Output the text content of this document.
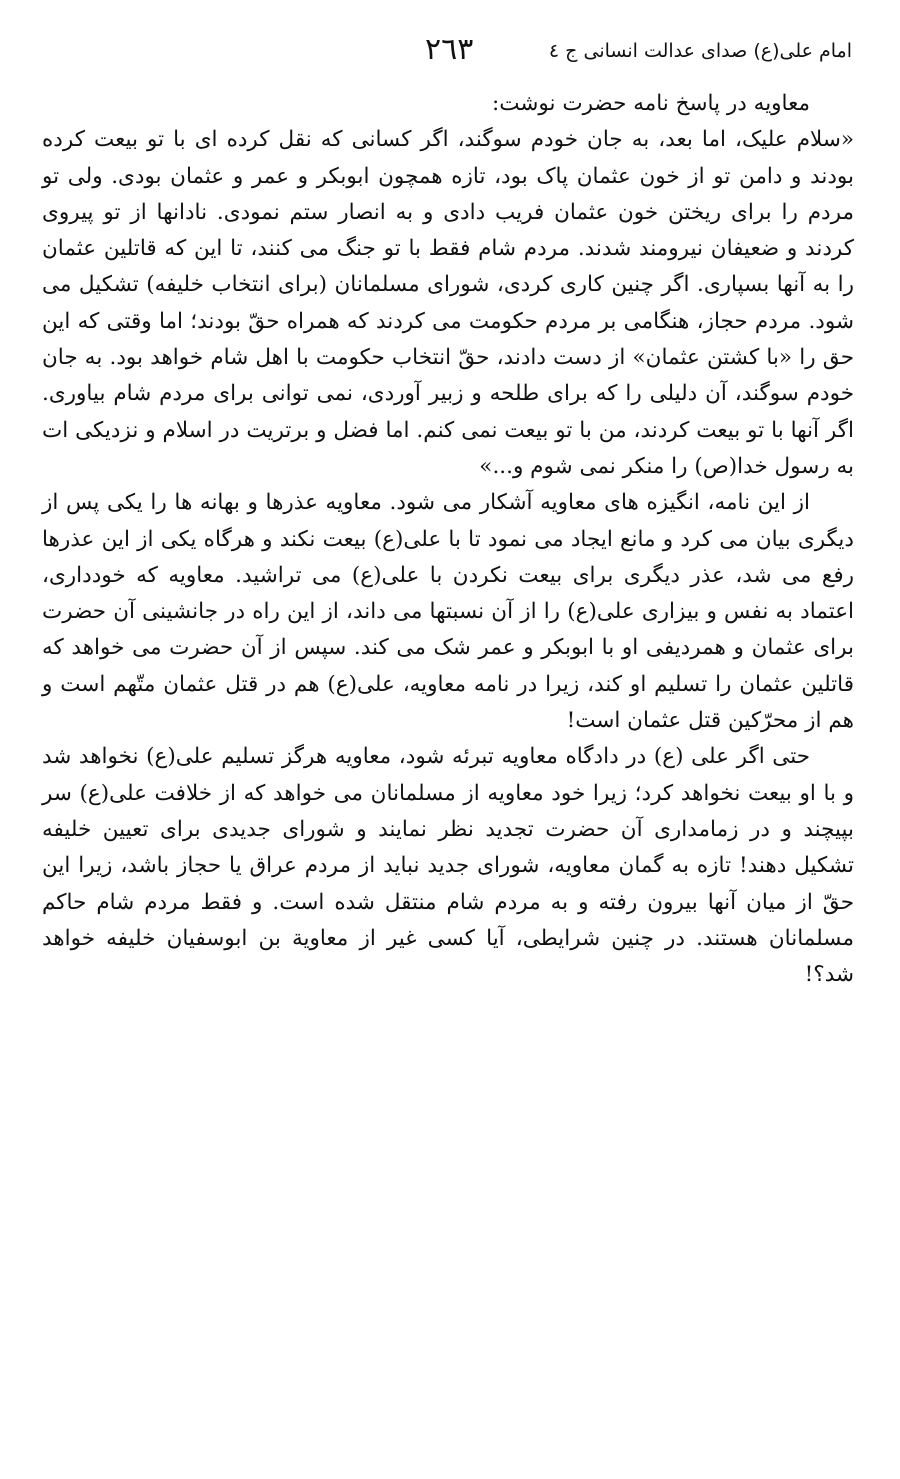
امام علی(ع) صدای عدالت انسانی ج ٤
٢٦٣

معاویه در پاسخ نامه حضرت نوشت:

«سلام علیک، اما بعد، به جان خودم سوگند، اگر کسانی که نقل کرده ای با تو بیعت کرده بودند و دامن تو از خون عثمان پاک بود، تازه همچون ابوبکر و عمر و عثمان بودی. ولی تو مردم را برای ریختن خون عثمان فریب دادی و به انصار ستم نمودی. نادانها از تو پیروی کردند و ضعیفان نیرومند شدند. مردم شام فقط با تو جنگ می کنند، تا این که قاتلین عثمان را به آنها بسپاری. اگر چنین کاری کردی، شورای مسلمانان (برای انتخاب خلیفه) تشکیل می شود. مردم حجاز، هنگامی بر مردم حکومت می کردند که همراه حقّ بودند؛ اما وقتی که این حق را «با کشتن عثمان» از دست دادند، حقّ انتخاب حکومت با اهل شام خواهد بود. به جان خودم سوگند، آن دلیلی را که برای طلحه و زبیر آوردی، نمی توانی برای مردم شام بیاوری. اگر آنها با تو بیعت کردند، من با تو بیعت نمی کنم. اما فضل و برتریت در اسلام و نزدیکی ات به رسول خدا(ص) را منکر نمی شوم و...»

از این نامه، انگیزه های معاویه آشکار می شود. معاویه عذرها و بهانه ها را یکی پس از دیگری بیان می کرد و مانع ایجاد می نمود تا با علی(ع) بیعت نکند و هرگاه یکی از این عذرها رفع می شد، عذر دیگری برای بیعت نکردن با علی(ع) می تراشید. معاویه که خودداری، اعتماد به نفس و بیزاری علی(ع) را از آن نسبتها می داند، از این راه در جانشینی آن حضرت برای عثمان و همردیفی او با ابوبکر و عمر شک می کند. سپس از آن حضرت می خواهد که قاتلین عثمان را تسلیم او کند، زیرا در نامه معاویه، علی(ع) هم در قتل عثمان متّهم است و هم از محرّکین قتل عثمان است!

حتی اگر علی (ع) در دادگاه معاویه تبرئه شود، معاویه هرگز تسلیم علی(ع) نخواهد شد و با او بیعت نخواهد کرد؛ زیرا خود معاویه از مسلمانان می خواهد که از خلافت علی(ع) سر بپیچند و در زمامداری آن حضرت تجدید نظر نمایند و شورای جدیدی برای تعیین خلیفه تشکیل دهند! تازه به گمان معاویه، شورای جدید نباید از مردم عراق یا حجاز باشد، زیرا این حقّ از میان آنها بیرون رفته و به مردم شام منتقل شده است. و فقط مردم شام حاکم مسلمانان هستند. در چنین شرایطی، آیا کسی غیر از معاویة بن ابوسفیان خلیفه خواهد شد؟!
